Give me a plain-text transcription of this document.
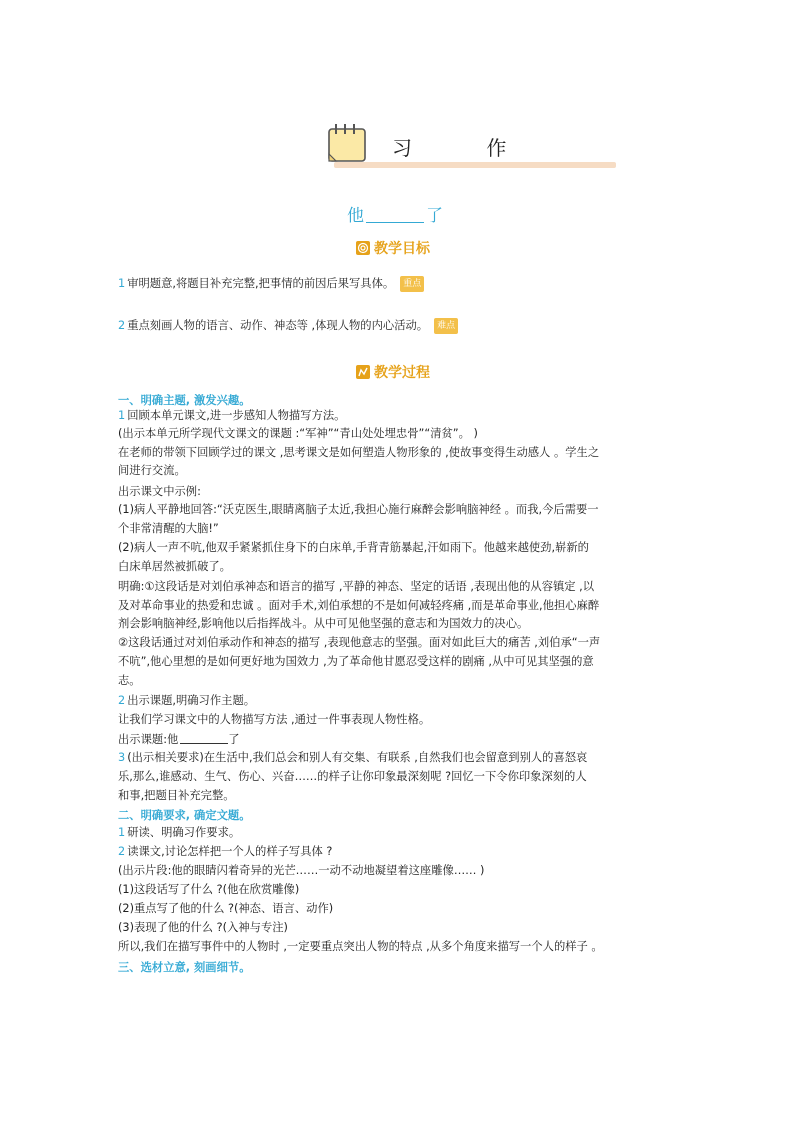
习 作
他	了
教学目标
1 审明题意,将题目补充完整,把事情的前因后果写具体。 重点
2 重点刻画人物的语言、动作、神态等 ,体现人物的内心活动。 难点
教学过程
一、明确主题, 激发兴趣。
1 回顾本单元课文,进一步感知人物描写方法。
(出示本单元所学现代文课文的课题 :“军神”“青山处处埋忠骨”“清贫”。 )
在老师的带领下回顾学过的课文 ,思考课文是如何塑造人物形象的 ,使故事变得生动感人 。学生之
间进行交流。
出示课文中示例:
(1)病人平静地回答:“沃克医生,眼睛离脑子太近,我担心施行麻醉会影响脑神经 。而我,今后需要一
个非常清醒的大脑!”
(2)病人一声不吭,他双手紧紧抓住身下的白床单,手背青筋暴起,汗如雨下。他越来越使劲,崭新的
白床单居然被抓破了。
明确:①这段话是对刘伯承神态和语言的描写 ,平静的神态、坚定的话语 ,表现出他的从容镇定 ,以
及对革命事业的热爱和忠诚 。面对手术,刘伯承想的不是如何减轻疼痛 ,而是革命事业,他担心麻醉
剂会影响脑神经,影响他以后指挥战斗。从中可见他坚强的意志和为国效力的决心。
②这段话通过对刘伯承动作和神态的描写 ,表现他意志的坚强。面对如此巨大的痛苦 ,刘伯承“一声
不吭”,他心里想的是如何更好地为国效力 ,为了革命他甘愿忍受这样的剧痛 ,从中可见其坚强的意
志。
2 出示课题,明确习作主题。
让我们学习课文中的人物描写方法 ,通过一件事表现人物性格。
出示课题:他	了
3 (出示相关要求)在生活中,我们总会和别人有交集、有联系 ,自然我们也会留意到别人的喜怒哀
乐,那么,谁感动、生气、伤心、兴奋……的样子让你印象最深刻呢 ?回忆一下令你印象深刻的人
和事,把题目补充完整。
二、明确要求, 确定文题。
1 研读、明确习作要求。
2 读课文,讨论怎样把一个人的样子写具体 ?
(出示片段:他的眼睛闪着奇异的光芒……一动不动地凝望着这座雕像…… )
(1)这段话写了什么 ?(他在欣赏雕像)
(2)重点写了他的什么 ?(神态、语言、动作)
(3)表现了他的什么 ?(入神与专注)
所以,我们在描写事件中的人物时 ,一定要重点突出人物的特点 ,从多个角度来描写一个人的样子 。
三、选材立意, 刻画细节。
